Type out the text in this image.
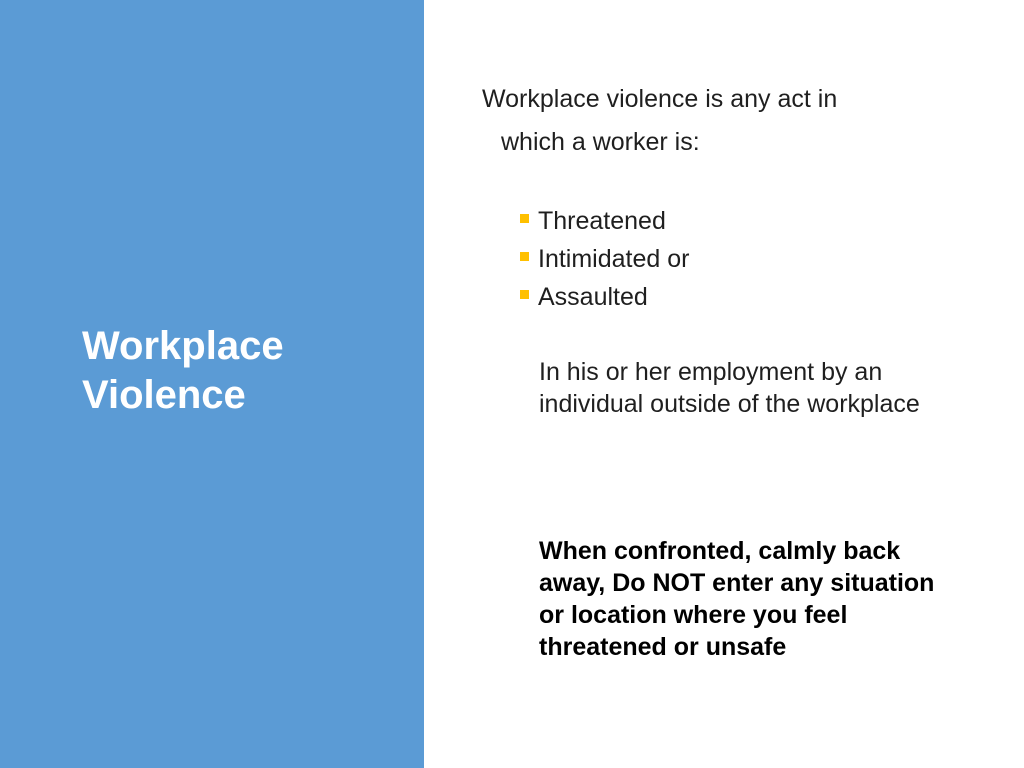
Workplace
Violence
Workplace violence is any act in
which a worker is:
Threatened
Intimidated or
Assaulted
In his or her employment by an individual outside of the workplace
When confronted, calmly back away, Do NOT enter any situation or location where you feel threatened or unsafe
